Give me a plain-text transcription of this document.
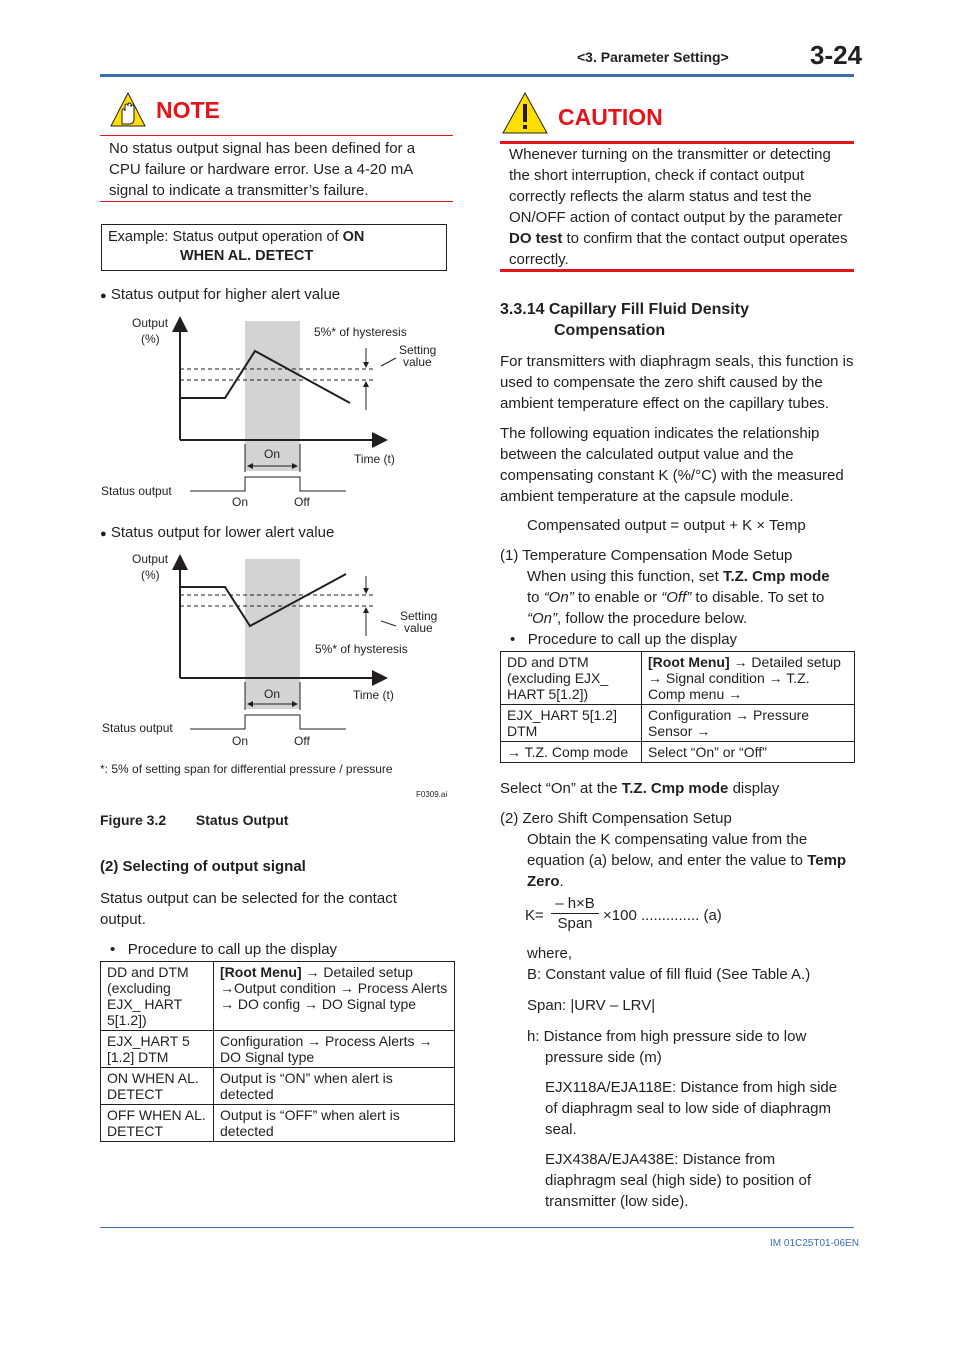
<3. Parameter Setting>	3-24
NOTE
No status output signal has been defined for a CPU failure or hardware error. Use a 4-20 mA signal to indicate a transmitter’s failure.
Example: Status output operation of ON
WHEN AL. DETECT
● Status output for higher alert value
Output
(%)	5%* of hysteresis
Setting
value
On	Time (t)
Status output
On	Off
● Status output for lower alert value
Output
(%)
Setting
value
5%* of hysteresis
On	Time (t)
Status output
On	Off
*: 5% of setting span for differential pressure / pressure
F0309.ai
Figure 3.2 Status Output
(2) Selecting of output signal
Status output can be selected for the contact output.
•   Procedure to call up the display
DD and DTM (excluding EJX_ HART 5[1.2])	[Root Menu] → Detailed setup →Output condition → Process Alerts → DO config → DO Signal type
EJX_HART 5 [1.2] DTM	Configuration → Process Alerts → DO Signal type
ON WHEN AL. DETECT	Output is “ON” when alert is detected
OFF WHEN AL. DETECT	Output is “OFF” when alert is detected
CAUTION
Whenever turning on the transmitter or detecting the short interruption, check if contact output correctly reflects the alarm status and test the ON/OFF action of contact output by the parameter DO test to confirm that the contact output operates correctly.
3.3.14 Capillary Fill Fluid Density
Compensation
For transmitters with diaphragm seals, this function is used to compensate the zero shift caused by the ambient temperature effect on the capillary tubes.
The following equation indicates the relationship between the calculated output value and the compensating constant K (%/°C) with the measured ambient temperature at the capsule module.
Compensated output = output + K × Temp
(1) Temperature Compensation Mode Setup
When using this function, set T.Z. Cmp mode
to “On” to enable or “Off” to disable. To set to
“On”, follow the procedure below.
•   Procedure to call up the display
DD and DTM (excluding EJX_ HART 5[1.2])	[Root Menu] → Detailed setup → Signal condition → T.Z. Comp menu →
EJX_HART 5[1.2] DTM	Configuration → Pressure Sensor →
→ T.Z. Comp mode	Select “On” or “Off”
Select “On” at the T.Z. Cmp mode display
(2) Zero Shift Compensation Setup
Obtain the K compensating value from the equation (a) below, and enter the value to Temp Zero.
K=
– h×B
Span ×100 .............. (a)
where,
B: Constant value of fill fluid (See Table A.)
Span: |URV – LRV|
h: Distance from high pressure side to low pressure side (m)
EJX118A/EJA118E: Distance from high side of diaphragm seal to low side of diaphragm seal.
EJX438A/EJA438E: Distance from diaphragm seal (high side) to position of transmitter (low side).
IM 01C25T01-06EN
